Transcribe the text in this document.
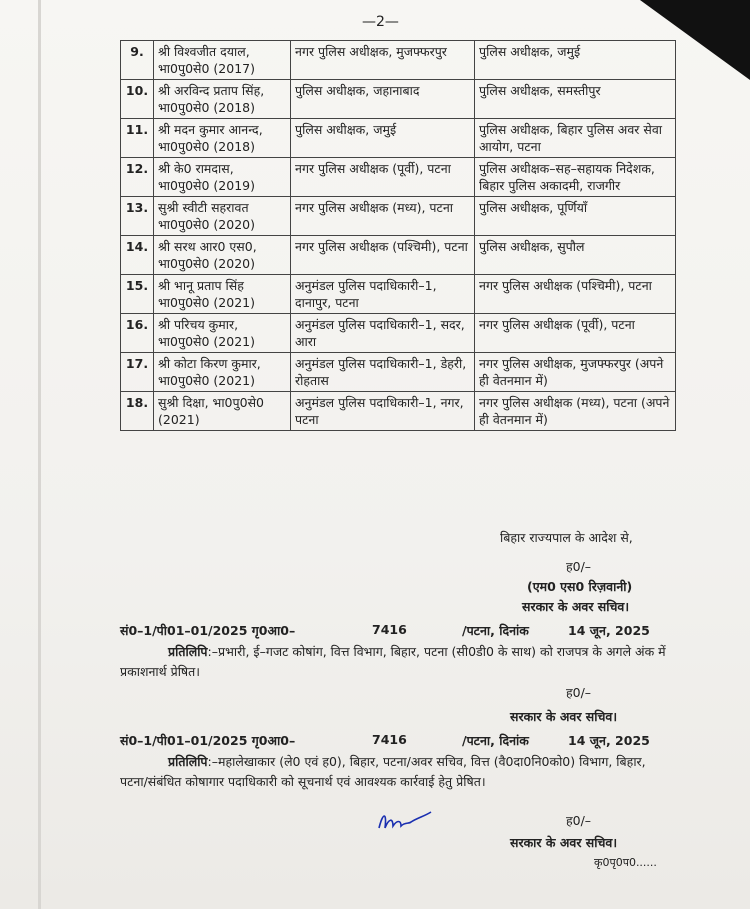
—2—
9.	श्री विश्वजीत दयाल, भा0पु0से0 (2017)	नगर पुलिस अधीक्षक, मुजफ्फरपुर	पुलिस अधीक्षक, जमुई
10.	श्री अरविन्द प्रताप सिंह, भा0पु0से0 (2018)	पुलिस अधीक्षक, जहानाबाद	पुलिस अधीक्षक, समस्तीपुर
11.	श्री मदन कुमार आनन्द, भा0पु0से0 (2018)	पुलिस अधीक्षक, जमुई	पुलिस अधीक्षक, बिहार पुलिस अवर सेवा आयोग, पटना
12.	श्री के0 रामदास, भा0पु0से0 (2019)	नगर पुलिस अधीक्षक (पूर्वी), पटना	पुलिस अधीक्षक–सह–सहायक निदेशक, बिहार पुलिस अकादमी, राजगीर
13.	सुश्री स्वीटी सहरावत भा0पु0से0 (2020)	नगर पुलिस अधीक्षक (मध्य), पटना	पुलिस अधीक्षक, पूर्णियाँ
14.	श्री सरथ आर0 एस0, भा0पु0से0 (2020)	नगर पुलिस अधीक्षक (पश्चिमी), पटना	पुलिस अधीक्षक, सुपौल
15.	श्री भानू प्रताप सिंह भा0पु0से0 (2021)	अनुमंडल पुलिस पदाधिकारी–1, दानापुर, पटना	नगर पुलिस अधीक्षक (पश्चिमी), पटना
16.	श्री परिचय कुमार, भा0पु0से0 (2021)	अनुमंडल पुलिस पदाधिकारी–1, सदर, आरा	नगर पुलिस अधीक्षक (पूर्वी), पटना
17.	श्री कोटा किरण कुमार, भा0पु0से0 (2021)	अनुमंडल पुलिस पदाधिकारी–1, डेहरी, रोहतास	नगर पुलिस अधीक्षक, मुजफ्फरपुर (अपने ही वेतनमान में)
18.	सुश्री दिक्षा, भा0पु0से0 (2021)	अनुमंडल पुलिस पदाधिकारी–1, नगर, पटना	नगर पुलिस अधीक्षक (मध्य), पटना (अपने ही वेतनमान में)
बिहार राज्यपाल के आदेश से,
ह0/–
(एम0 एस0 रिज़वानी)
सरकार के अवर सचिव।
सं0–1/पी01–01/2025 गृ0आ0–	7416	/पटना, दिनांक	14 जून, 2025
प्रतिलिपि:–प्रभारी, ई–गजट कोषांग, वित्त विभाग, बिहार, पटना (सी0डी0 के साथ) को राजपत्र के अगले अंक में प्रकाशनार्थ प्रेषित।
ह0/–
सरकार के अवर सचिव।
सं0–1/पी01–01/2025 गृ0आ0–	7416	/पटना, दिनांक	14 जून, 2025
प्रतिलिपि:–महालेखाकार (ले0 एवं ह0), बिहार, पटना/अवर सचिव, वित्त (वै0दा0नि0को0) विभाग, बिहार, पटना/संबंधित कोषागार पदाधिकारी को सूचनार्थ एवं आवश्यक कार्रवाई हेतु प्रेषित।
ह0/–
सरकार के अवर सचिव।
कृ0पृ0प0......
